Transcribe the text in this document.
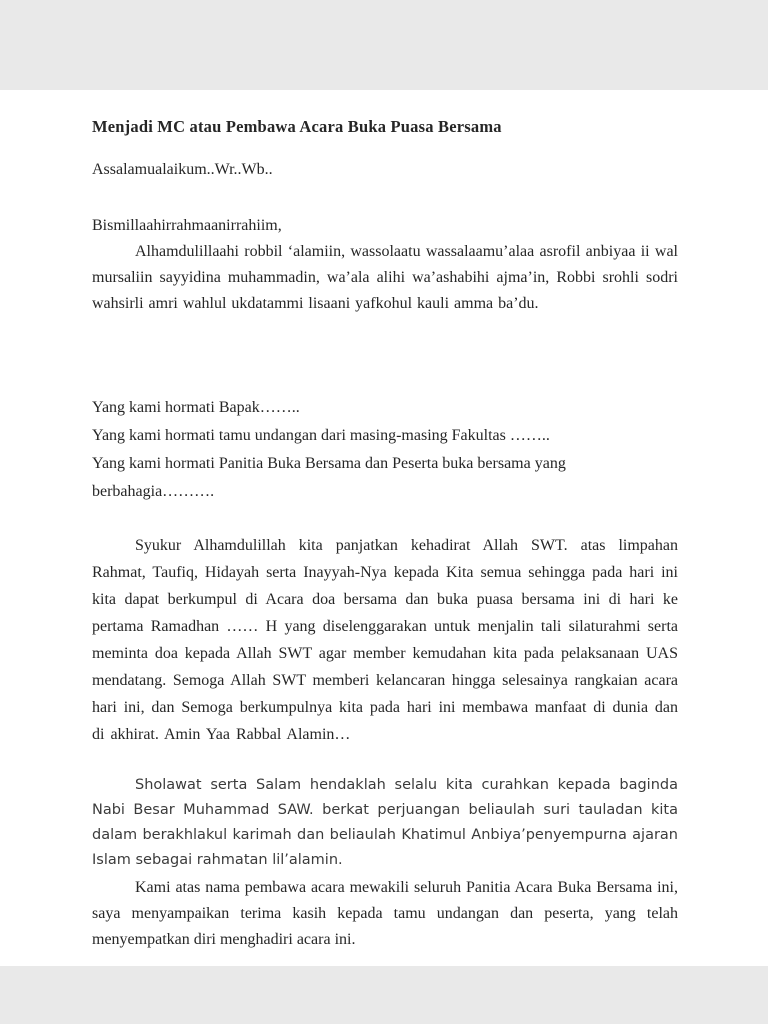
Menjadi MC atau Pembawa Acara Buka Puasa Bersama

Assalamualaikum..Wr..Wb..

Bismillaahirrahmaanirrahiim,

Alhamdulillaahi robbil ‘alamiin, wassolaatu wassalaamu’alaa asrofil anbiyaa ii wal mursaliin sayyidina muhammadin, wa’ala alihi wa’ashabihi ajma’in, Robbi srohli sodri wahsirli amri wahlul ukdatammi lisaani yafkohul kauli amma ba’du.

Yang kami hormati Bapak……..

Yang kami hormati tamu undangan dari masing-masing Fakultas ……..

Yang kami hormati Panitia Buka Bersama dan Peserta buka bersama yang berbahagia……….

Syukur Alhamdulillah kita panjatkan kehadirat Allah SWT. atas limpahan Rahmat, Taufiq, Hidayah serta Inayyah-Nya kepada Kita semua sehingga pada hari ini kita dapat berkumpul di Acara doa bersama dan buka puasa bersama ini di hari ke pertama Ramadhan …… H yang diselenggarakan untuk menjalin tali silaturahmi serta meminta doa kepada Allah SWT agar member kemudahan kita pada pelaksanaan UAS mendatang. Semoga Allah SWT memberi kelancaran hingga selesainya rangkaian acara hari ini, dan Semoga berkumpulnya kita pada hari ini membawa manfaat di dunia dan di akhirat. Amin Yaa Rabbal Alamin…

Sholawat serta Salam hendaklah selalu kita curahkan kepada baginda Nabi Besar Muhammad SAW. berkat perjuangan beliaulah suri tauladan kita dalam berakhlakul karimah dan beliaulah Khatimul Anbiya’penyempurna ajaran Islam sebagai rahmatan lil’alamin.

Kami atas nama pembawa acara mewakili seluruh Panitia Acara Buka Bersama ini, saya menyampaikan terima kasih kepada tamu undangan dan peserta, yang telah menyempatkan diri menghadiri acara ini.
